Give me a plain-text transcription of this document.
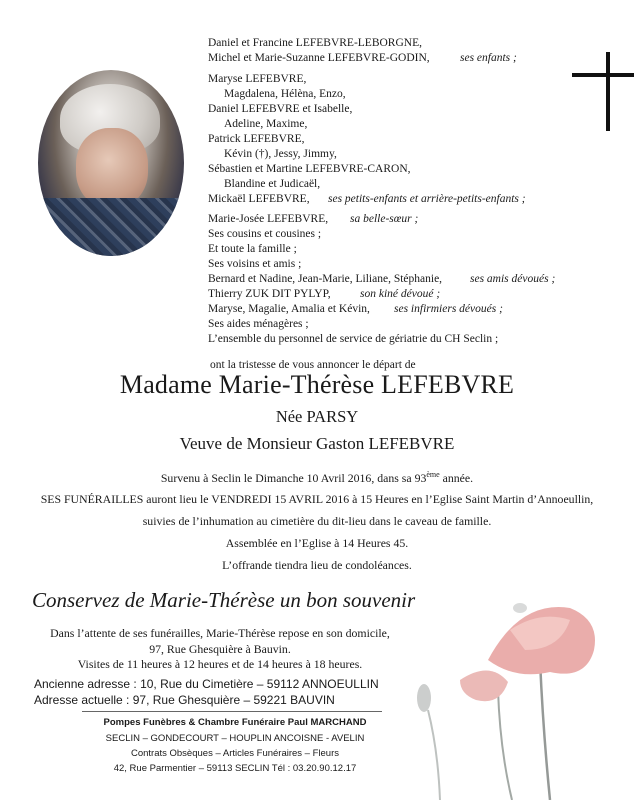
Daniel et Francine LEFEBVRE-LEBORGNE,
Michel et Marie-Suzanne LEFEBVRE-GODIN,	ses enfants ;
Maryse LEFEBVRE,
Magdalena, Hélèna, Enzo,
Daniel LEFEBVRE et Isabelle,
Adeline, Maxime,
Patrick LEFEBVRE,
Kévin (†), Jessy, Jimmy,
Sébastien et Martine LEFEBVRE-CARON,
Blandine et Judicaël,
Mickaël LEFEBVRE, ses petits-enfants et arrière-petits-enfants ;
Marie-Josée LEFEBVRE, sa belle-sœur ;
Ses cousins et cousines ;
Et toute la famille ;
Ses voisins et amis ;
Bernard et Nadine, Jean-Marie, Liliane, Stéphanie, ses amis dévoués ;
Thierry ZUK DIT PYLYP,	son kiné dévoué ;
Maryse, Magalie, Amalia et Kévin, ses infirmiers dévoués ;
Ses aides ménagères ;
L’ensemble du personnel de service de gériatrie du CH Seclin ;
ont la tristesse de vous annoncer le départ de
Madame Marie-Thérèse LEFEBVRE
Née PARSY
Veuve de Monsieur Gaston LEFEBVRE
Survenu à Seclin le Dimanche 10 Avril 2016, dans sa 93ème année.
SES FUNÉRAILLES auront lieu le VENDREDI 15 AVRIL 2016 à 15 Heures en l’Eglise Saint Martin d’Annoeullin,
suivies de l’inhumation au cimetière du dit-lieu dans le caveau de famille.
Assemblée en l’Eglise à 14 Heures 45.
L’offrande tiendra lieu de condoléances.
Conservez de Marie-Thérèse un bon souvenir
Dans l’attente de ses funérailles, Marie-Thérèse repose en son domicile,
97, Rue Ghesquière à Bauvin.
Visites de 11 heures à 12 heures et de 14 heures à 18 heures.
Ancienne adresse : 10, Rue du Cimetière – 59112 ANNOEULLIN
Adresse actuelle : 97, Rue Ghesquière – 59221 BAUVIN
Pompes Funèbres & Chambre Funéraire Paul MARCHAND
SECLIN – GONDECOURT – HOUPLIN ANCOISNE - AVELIN
Contrats Obsèques – Articles Funéraires – Fleurs
42, Rue Parmentier – 59113 SECLIN Tél : 03.20.90.12.17
